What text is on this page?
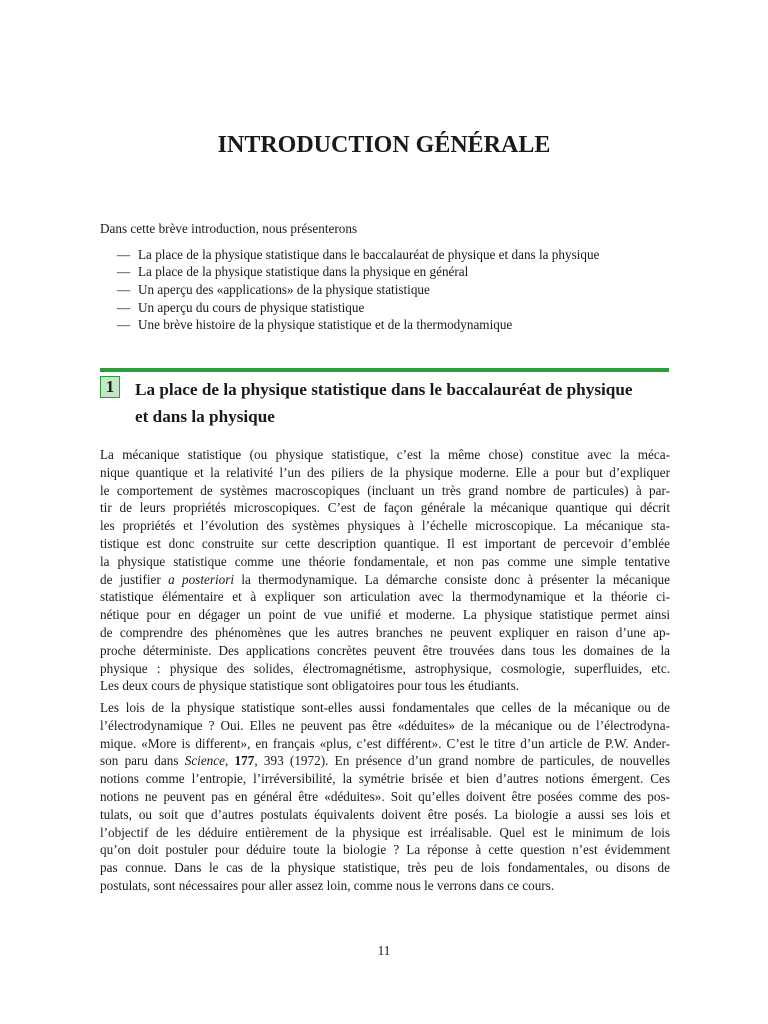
INTRODUCTION GÉNÉRALE
Dans cette brève introduction, nous présenterons
— La place de la physique statistique dans le baccalauréat de physique et dans la physique
— La place de la physique statistique dans la physique en général
— Un aperçu des «applications» de la physique statistique
— Un aperçu du cours de physique statistique
— Une brève histoire de la physique statistique et de la thermodynamique
1	La place de la physique statistique dans le baccalauréat de physique
et dans la physique
La mécanique statistique (ou physique statistique, c’est la même chose) constitue avec la méca-
nique quantique et la relativité l’un des piliers de la physique moderne. Elle a pour but d’expliquer
le comportement de systèmes macroscopiques (incluant un très grand nombre de particules) à par-
tir de leurs propriétés microscopiques. C’est de façon générale la mécanique quantique qui décrit
les propriétés et l’évolution des systèmes physiques à l’échelle microscopique. La mécanique sta-
tistique est donc construite sur cette description quantique. Il est important de percevoir d’emblée
la physique statistique comme une théorie fondamentale, et non pas comme une simple tentative
de justifier a posteriori la thermodynamique. La démarche consiste donc à présenter la mécanique
statistique élémentaire et à expliquer son articulation avec la thermodynamique et la théorie ci-
nétique pour en dégager un point de vue unifié et moderne. La physique statistique permet ainsi
de comprendre des phénomènes que les autres branches ne peuvent expliquer en raison d’une ap-
proche déterministe. Des applications concrètes peuvent être trouvées dans tous les domaines de la
physique : physique des solides, électromagnétisme, astrophysique, cosmologie, superfluides, etc.
Les deux cours de physique statistique sont obligatoires pour tous les étudiants.
Les lois de la physique statistique sont-elles aussi fondamentales que celles de la mécanique ou de
l’électrodynamique ? Oui. Elles ne peuvent pas être «déduites» de la mécanique ou de l’électrodyna-
mique. «More is different», en français «plus, c’est différent». C’est le titre d’un article de P.W. Ander-
son paru dans Science, 177, 393 (1972). En présence d’un grand nombre de particules, de nouvelles
notions comme l’entropie, l’irréversibilité, la symétrie brisée et bien d’autres notions émergent. Ces
notions ne peuvent pas en général être «déduites». Soit qu’elles doivent être posées comme des pos-
tulats, ou soit que d’autres postulats équivalents doivent être posés. La biologie a aussi ses lois et
l’objectif de les déduire entièrement de la physique est irréalisable. Quel est le minimum de lois
qu’on doit postuler pour déduire toute la biologie ? La réponse à cette question n’est évidemment
pas connue. Dans le cas de la physique statistique, très peu de lois fondamentales, ou disons de
postulats, sont nécessaires pour aller assez loin, comme nous le verrons dans ce cours.
11
